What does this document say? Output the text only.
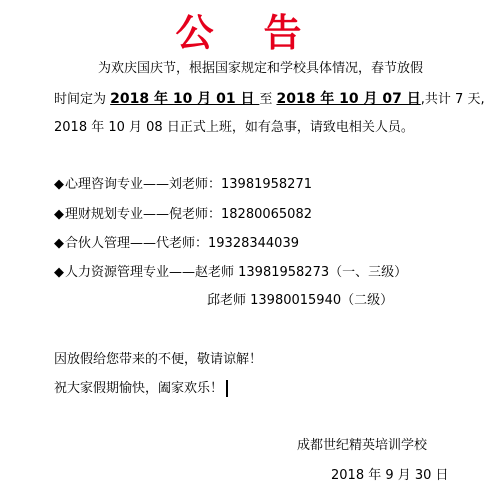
公告
为欢庆国庆节，根据国家规定和学校具体情况，春节放假
时间定为 2018 年 10 月 01 日 至 2018 年 10 月 07 日,共计 7 天,
2018 年 10 月 08 日正式上班，如有急事，请致电相关人员。
◆心理咨询专业——刘老师：13981958271
◆理财规划专业——倪老师：18280065082
◆合伙人管理——代老师：19328344039
◆人力资源管理专业——赵老师 13981958273（一、三级）
邱老师 13980015940（二级）
因放假给您带来的不便，敬请谅解！
祝大家假期愉快，阖家欢乐！
成都世纪精英培训学校
2018 年 9 月 30 日
